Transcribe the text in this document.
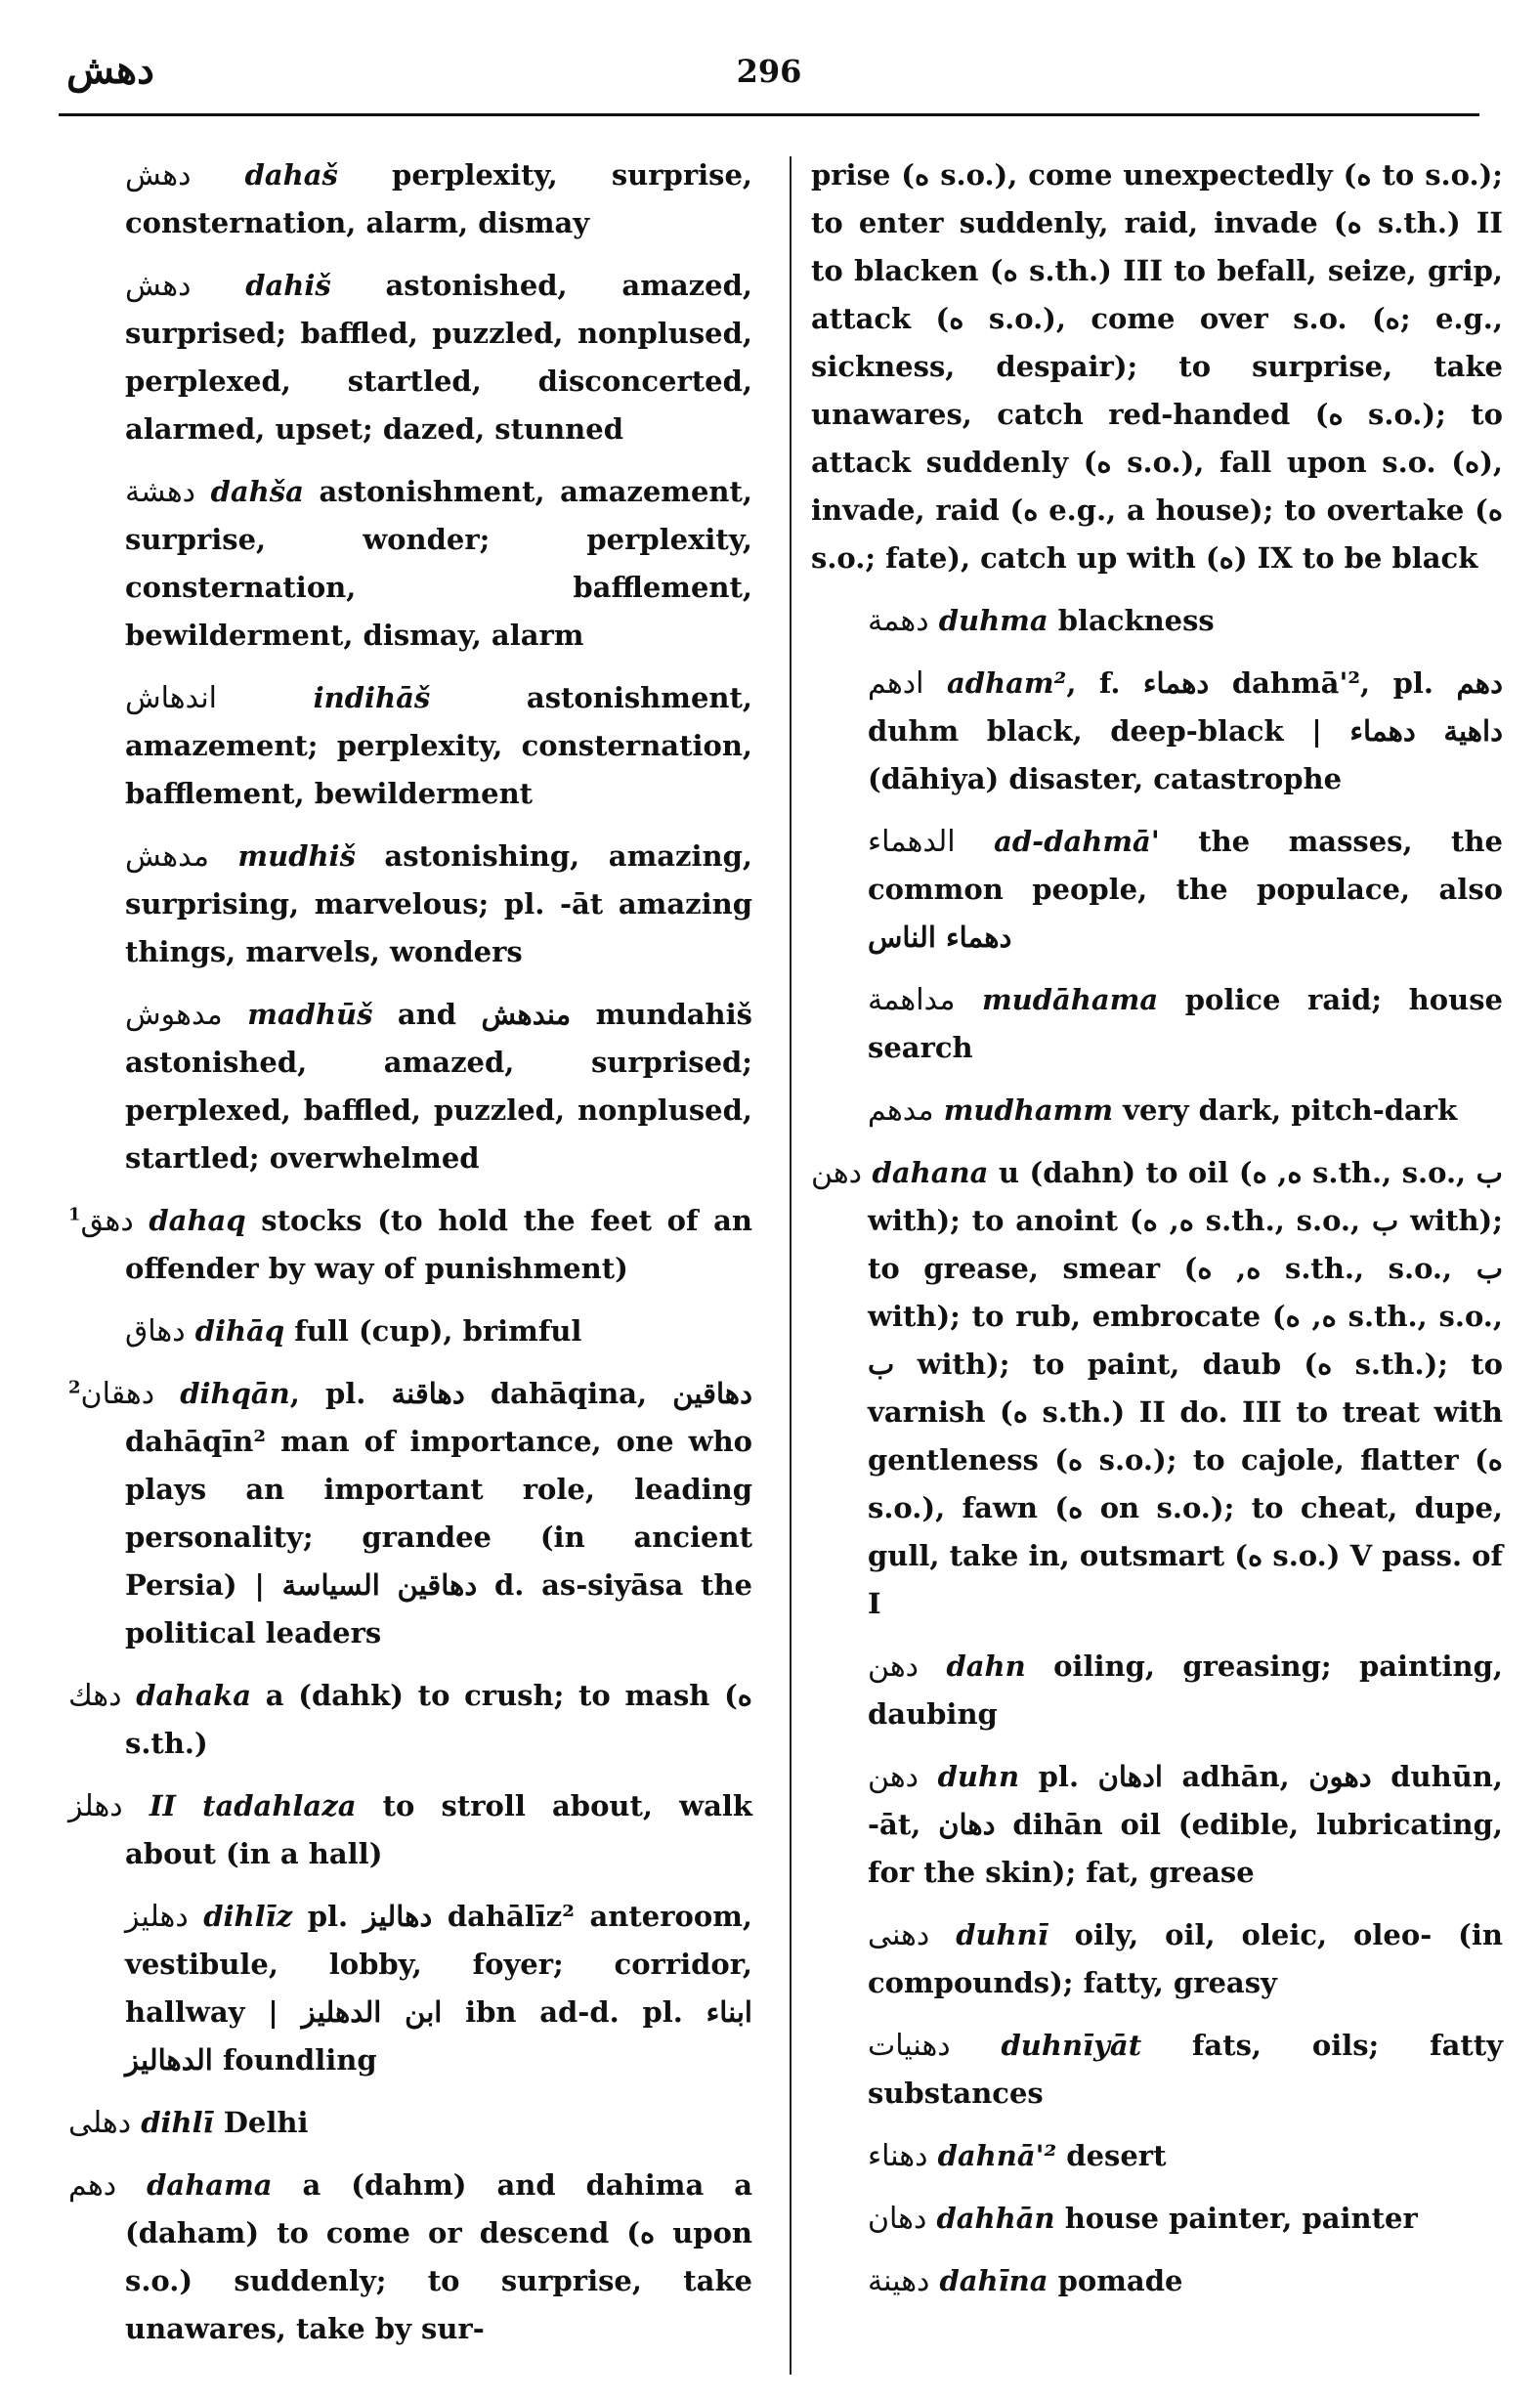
دهش	296
دهش dahaš perplexity, surprise, consternation, alarm, dismay
دهش dahiš astonished, amazed, surprised; baffled, puzzled, nonplused, perplexed, startled, disconcerted, alarmed, upset; dazed, stunned
دهشة dahša astonishment, amazement, surprise, wonder; perplexity, consternation, bafflement, bewilderment, dismay, alarm
اندهاش	indihāš astonishment, amazement; perplexity, consternation, bafflement, bewilderment
مدهش mudhiš astonishing, amazing, surprising, marvelous; pl. -āt amazing things, marvels, wonders
مدهوش madhūš and مندهش mundahiš astonished, amazed, surprised; perplexed, baffled, puzzled, nonplused, startled; overwhelmed
$^1$دهق dahaq stocks (to hold the feet of an offender by way of punishment)
دهاق dihāq full (cup), brimful
$^2$دهقان dihqān, pl. دهاقنة dahāqina, دهاقين dahāqīn² man of importance, one who plays an important role, leading personality; grandee (in ancient Persia) | دهاقين السياسة d. as-siyāsa the political leaders
دهك dahaka a (dahk) to crush; to mash (ه s.th.)
دهلز II tadahlaza to stroll about, walk about (in a hall)
دهليز dihlīz pl. دهاليز dahālīz² anteroom, vestibule, lobby, foyer; corridor, hallway | ابن الدهليز ibn ad-d. pl. ابناء الدهاليز foundling
دهلى dihlī Delhi
دهم dahama a (dahm) and dahima a (daham) to come or descend (ه upon s.o.) suddenly; to surprise, take unawares, take by sur-
prise (ه s.o.), come unexpectedly (ه to s.o.); to enter suddenly, raid, invade (ه s.th.) II to blacken (ه s.th.) III to befall, seize, grip, attack (ه s.o.), come over s.o. (ه; e.g., sickness, despair); to surprise, take unawares, catch red-handed (ه s.o.); to attack suddenly (ه s.o.), fall upon s.o. (ه), invade, raid (ه e.g., a house); to overtake (ه s.o.; fate), catch up with (ه) IX to be black
دهمة duhma blackness
ادهم adham², f. دهماء dahmā'², pl. دهم duhm black, deep-black | داهية دهماء (dāhiya) disaster, catastrophe
الدهماء ad-dahmā' the masses, the common people, the populace, also دهماء الناس
مداهمة mudāhama police raid; house search
مدهم mudhamm very dark, pitch-dark
دهن dahana u (dahn) to oil (ه, ه s.th., s.o., ب with); to anoint (ه, ه s.th., s.o., ب with); to grease, smear (ه, ه s.th., s.o., ب with); to rub, embrocate (ه, ه s.th., s.o., ب with); to paint, daub (ه s.th.); to varnish (ه s.th.) II do. III to treat with gentleness (ه s.o.); to cajole, flatter (ه s.o.), fawn (ه on s.o.); to cheat, dupe, gull, take in, outsmart (ه s.o.) V pass. of I
دهن dahn oiling, greasing; painting, daubing
دهن duhn pl. ادهان adhān, دهون duhūn, -āt, دهان dihān oil (edible, lubricating, for the skin); fat, grease
دهنى duhnī oily, oil, oleic, oleo- (in compounds); fatty, greasy
دهنيات duhnīyāt fats, oils; fatty substances
دهناء dahnā'² desert
دهان dahhān house painter, painter
دهينة dahīna pomade
